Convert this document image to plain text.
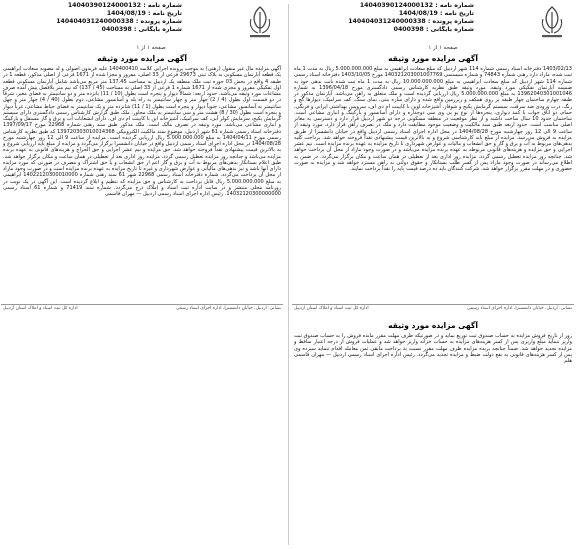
شماره نامه : 14040390124000132
تاریخ نامه : 1404/08/19
شماره پرونده : 140404031240000338
شماره بایگانی : 0400398
صفحه ۱ از ۱
شماره نامه : 14040390124000132
تاریخ نامه : 1404/08/19
شماره پرونده : 140404031240000338
شماره بایگانی : 0400398
صفحه ۱ از ۱
آگهی مزایده مورد وثیقه
آگهی مزایده مال غیر منقول (رهنی) به موجب پرونده اجرایی کلاسه 140400410 علیه فریدون اصولی و له مصوبه سعادت ابراهیمی یک قطعه آپارتمان مسکونی به پلاک ثبتی 29673 فرعی از 33 اصلی، مفروز و مجزا شده از 1671 فرعی از اصلی مذکور، قطعه 1 در طبقه 4 واقع در بخش 03 حوزه ثبت ملک منطقه یک اردبیل به مساحت 137.45 متر مربع می‌باشد شامل آپارتمان مسکونی قطعه اول تفکیکی مفروز و مجزی شده از 1671 شماره 1 فرعی از 33 اصلی به مساحت (45 / 137) که نیم متر بلافصل پیش آمده صرف مشاعات مورد وثیقه می‌باشد. حدود اربعه: شمالاً دیوار و پنجره است بطول (10 / 11) بانزده متر و دو سانتیمتر به فضای معبر، شرقاً در دو قسمت اول بطول (4 / 2) چهار متر و چهار سانتیمتر به راه پله و آسانسور مشاعی، دوم بطول (40 / 4) چهار متر و چهل سانتیمتر به آسانسور مشاعی، جنوباً دیوار و پنجره است بطول (1 / 11) شانزده متر و یک سانتیمتر به فضای حیاط مشاعی، غرباً دیوار و پنجره است بطول (30 / 8) هشت متر و سی سانتیمتر به ملک مجاور. ملک طبق گزارش کارشناس رسمی دادگستری دارای سیستم گرمایش پکیج، سرمایش کولر آبی، کف سرامیک، آشپزخانه اپن با کابینت ام دی اف، دارای انشعابات آب و برق و گاز مستقل و پارکینگ و انباری مشاعی می‌باشد. مورد وثیقه در تصرف مالک است. ملک مذکور طبق سند رهنی شماره 22968 مورخ 1397/09/17 دفترخانه اسناد رسمی شماره 61 شهر اردبیل، موضوع سند مالکیت الکترونیکی 139720303010014368 که طبق نظریه کارشناس رسمی مورخ 1404/04/11 به مبلغ 5.000.000.000 ریال ارزیابی گردیده است. مزایده از ساعت 9 الی 12 روز چهارشنبه مورخ 1404/08/28 در محل اداره اجرای اسناد رسمی اردبیل واقع در خیابان دانشسرا برگزار می‌گردد و مزایده از مبلغ پایه ارزیابی شروع و به بالاترین قیمت پیشنهادی نقداً فروخته خواهد شد. حق مزایده و نیم عشر اجرایی و حق الحراج و هزینه‌های قانونی به عهده برنده مزایده می‌باشد و چنانچه روز مزایده تعطیل رسمی گردد، مزایده روز اداری بعد از تعطیلی در همان ساعت و مکان برگزار خواهد شد. طبق اعلام بستانکار بدهی‌های مربوط به آب و برق و گاز اعم از حق انشعاب و یا حق اشتراک و مصرف در صورتی که مورد مزایده دارای آنها باشد و نیز بدهی‌های مالیاتی و عوارض شهرداری و غیره تا تاریخ مزایده به عهده برنده مزایده است و در صورت وجود مازاد از محل آن پرداخت می‌گردد. شماره دفترخانه اسناد رسمی 22968 شهر 61 سند رهنی شماره 14022120300010000 ابراهیمی به مبلغ 5.000.000.000 ریال قابل پرداخت به کارشناس و حق مزایده که تنظیم و ابلاغ گردیده است. این آگهی در یک نوبت در روزنامه محلی منتشر و در سایت اداره ثبت اسناد و املاک درج می‌گردد. شماره سند 71419 و شماره 61 اسناد رسمی 14032120300000000. رئیس اداره اجرای اسناد رسمی اردبیل — مهران قاسمی
نشانی: اردبیل، خیابان دانشسرا، اداره اجرای اسناد رسمی
اداره کل ثبت اسناد و املاک استان اردبیل
آگهی مزایده مورد وثیقه
1403/02/13 دفترخانه اسناد رسمی شماره 114 شهر اردبیل که مبلغ سعادت ابراهیمی به مبلغ 5.000.000.000 ریال به مدت 1 ماه ثبت شده، مازاد دارد رهنی شماره 74843 و شماره سیستمی 140321203001007769 مورخ 1403/10/05 دفترخانه اسناد رسمی شماره 114 شهر اردبیل که مبلغ سعادت ابراهیمی به مبلغ 10.000.000.000 ریال به مدت 1 ماه ثبت شده بابت بدهی خود به ضمیمه آپارتمان تفکیکی مورد وثیقه. مورد وثیقه طبق نظریه کارشناس رسمی دادگستری مورخ 1396/04/18 به شماره 13962040301001046 به مبلغ 5.000.000.000 ریال ارزیابی گردیده است و ملک متعلق به راهن می‌باشد. آپارتمان مذکور در طبقه چهارم ساختمان چهار طبقه بر روی همکف و زیرزمین واقع شده و دارای سازه بتنی، نمای سنگ، کف سرامیک، دیوارها گچ و رنگ، درب ورودی ضد سرقت، سیستم گرمایش پکیج و شوفاژ، آشپزخانه اوپن با کابینت ام دی اف، سرویس بهداشتی ایرانی و فرنگی، حمام، دو اتاق خواب با کمد دیواری، پنجره‌ها از نوع یو پی وی سی دوجداره و دارای آسانسور و پارکینگ و انباری مشاعی است. ساختمان حدود 10 سال ساخت داشته و از نظر موقعیت در منطقه مسکونی درجه دو شهر اردبیل قرار دارد و دسترسی به معابر اصلی مناسب است. حدود اربعه طبق سند مالکیت و وضعیت موجود مطابقت دارد و ملک در تصرف راهن قرار دارد. مورد وثیقه از ساعت 9 الی 12 روز چهارشنبه مورخ 1404/08/28 در محل اداره اجرای اسناد رسمی اردبیل واقع در خیابان دانشسرا از طریق مزایده به فروش می‌رسد. مزایده از مبلغ پایه کارشناسی شروع و به بالاترین قیمت پیشنهادی نقداً فروخته خواهد شد. پرداخت کلیه بدهی‌های مربوط به آب و برق و گاز و حق انشعاب و مالیات و عوارض شهرداری تا تاریخ مزایده به عهده برنده مزایده است. نیم عشر اجرایی و حق مزایده و هزینه‌های قانونی مربوطه به عهده برنده مزایده می‌باشد و در صورت وجود مازاد از محل آن پرداخت خواهد شد. چنانچه روز مزایده تعطیل رسمی گردد، مزایده روز اداری بعد از تعطیلی در همان ساعت و مکان برگزار می‌گردد. در ضمن به اطلاع می‌رساند در صورت وجود مازاد پس از کسر طلب بستانکار و حقوق دولتی به راهن مسترد خواهد شد و مزایده به صورت حضوری و در مهلت مقرر برگزار خواهد شد. شرکت کنندگان باید ده درصد قیمت پایه را نقداً پرداخت نمایند.
نشانی: اردبیل، خیابان دانشسرا، اداره اجرای اسناد رسمی
اداره کل ثبت اسناد و املاک استان اردبیل
آگهی مزایده مورد وثیقه
روز از تاریخ فروش مزایده به حساب صندوق ثبت توزیع نماید و در صورتیکه ظرف مهلت مقرر مانده فروش را به حساب صندوق ثبت واریز ننماید مبلغ واریزی پس از کسر هزینه‌های مزایده به حساب خزانه واریز خواهد شد و عملیات فروش از درجه اعتبار ساقط و مزایده تجدید خواهد شد. ضمناً چنانچه برنده مزایده ظرف مهلت مقرر نسبت به پرداخت مابقی ثمن معامله اقدام ننماید سپرده وی پس از کسر هزینه‌های قانونی به نفع دولت ضبط و مزایده تجدید می‌گردد. رئیس اداره اجرای اسناد رسمی اردبیل — مهران قاسمی هلم
